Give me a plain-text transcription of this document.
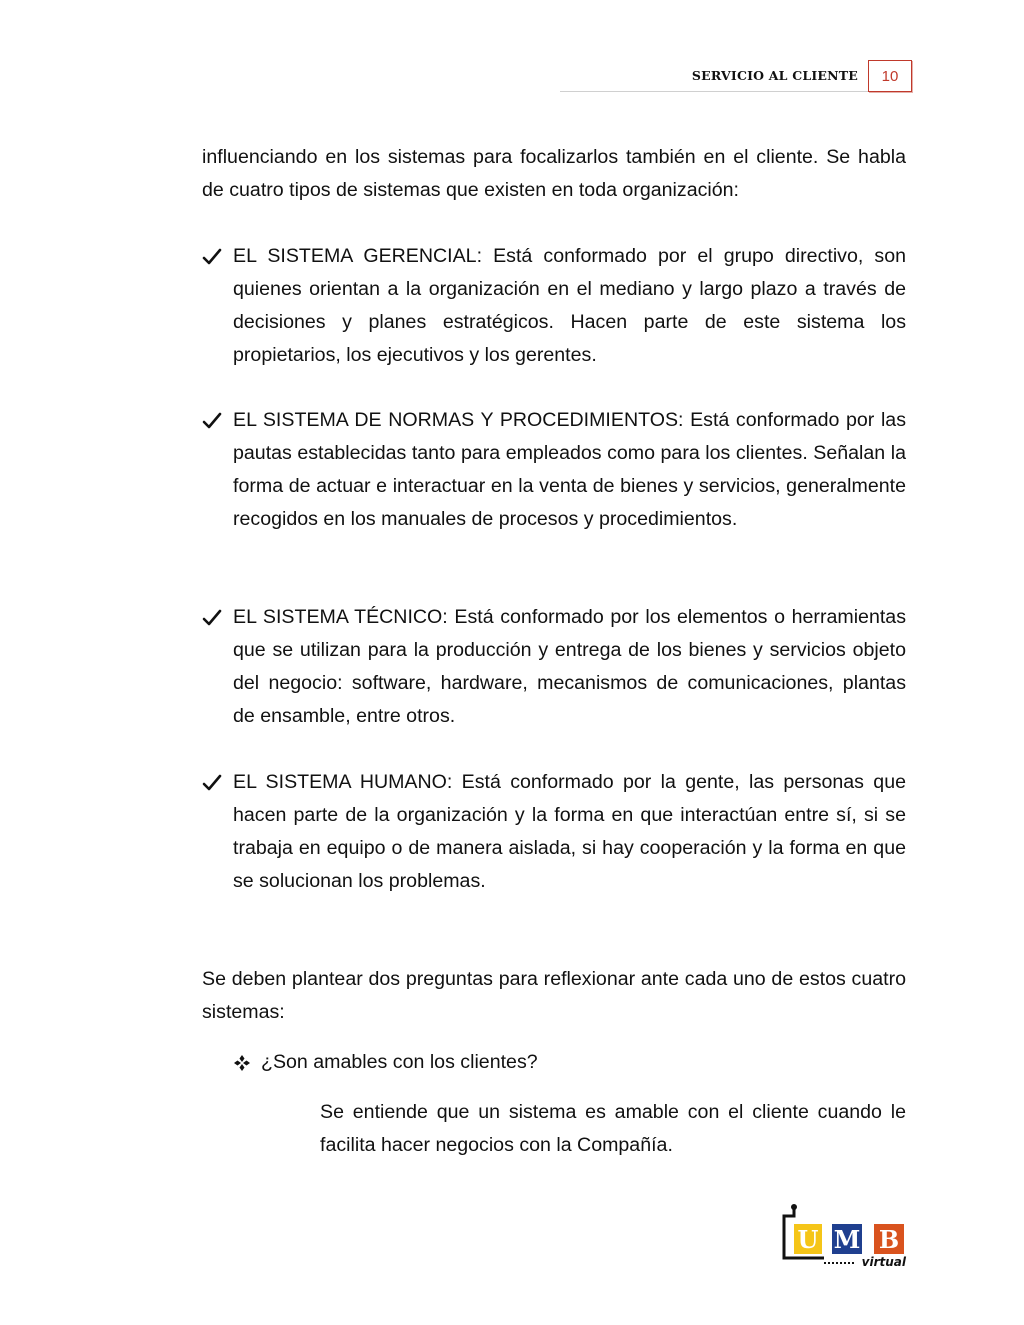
SERVICIO AL CLIENTE 10

influenciando en los sistemas para focalizarlos también en el cliente. Se habla de cuatro tipos de sistemas que existen en toda organización:

EL SISTEMA GERENCIAL: Está conformado por el grupo directivo, son quienes orientan a la organización en el mediano y largo plazo a través de decisiones y planes estratégicos. Hacen parte de este sistema los propietarios, los ejecutivos y los gerentes.

EL SISTEMA DE NORMAS Y PROCEDIMIENTOS: Está conformado por las pautas establecidas tanto para empleados como para los clientes. Señalan la forma de actuar e interactuar en la venta de bienes y servicios, generalmente recogidos en los manuales de procesos y procedimientos.

EL SISTEMA TÉCNICO: Está conformado por los elementos o herramientas que se utilizan para la producción y entrega de los bienes y servicios objeto del negocio: software, hardware, mecanismos de comunicaciones, plantas de ensamble, entre otros.

EL SISTEMA HUMANO: Está conformado por la gente, las personas que hacen parte de la organización y la forma en que interactúan entre sí, si se trabaja en equipo o de manera aislada, si hay cooperación y la forma en que se solucionan los problemas.

Se deben plantear dos preguntas para reflexionar ante cada uno de estos cuatro sistemas:

¿Son amables con los clientes?

Se entiende que un sistema es amable con el cliente cuando le facilita hacer negocios con la Compañía.

U M B
virtual
